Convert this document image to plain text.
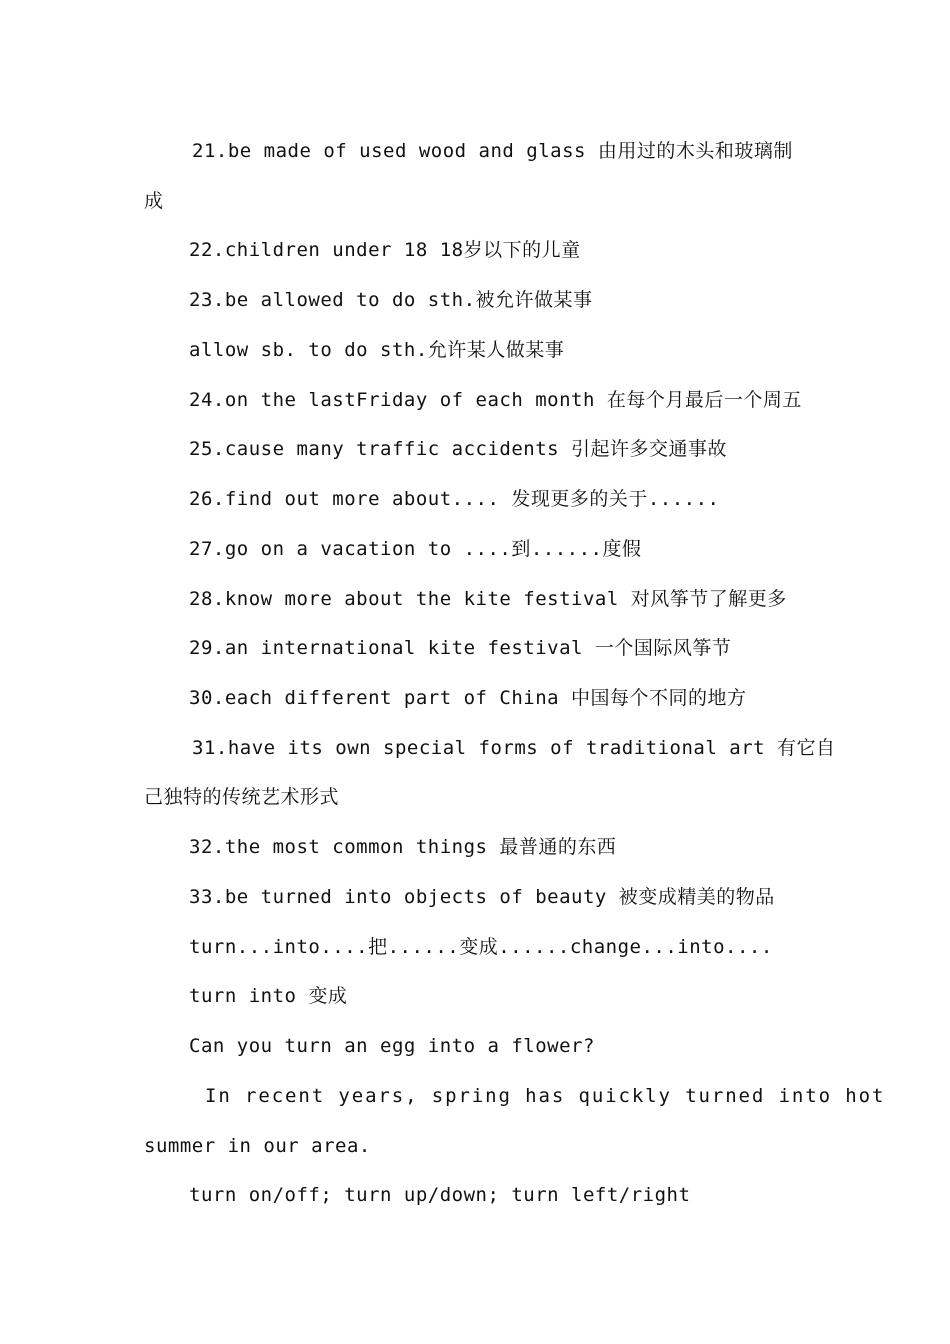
21.be made of used wood and glass 由用过的木头和玻璃制
成
22.children under 18 18岁以下的儿童
23.be allowed to do sth.被允许做某事
allow sb. to do sth.允许某人做某事
24.on the lastFriday of each month 在每个月最后一个周五
25.cause many traffic accidents 引起许多交通事故
26.find out more about.... 发现更多的关于......
27.go on a vacation to ....到......度假
28.know more about the kite festival 对风筝节了解更多
29.an international kite festival 一个国际风筝节
30.each different part of China 中国每个不同的地方
31.have its own special forms of traditional art 有它自
己独特的传统艺术形式
32.the most common things 最普通的东西
33.be turned into objects of beauty 被变成精美的物品
turn...into....把......变成......change...into....
turn into 变成
Can you turn an egg into a flower?
In recent years, spring has quickly turned into hot
summer in our area.
turn on/off; turn up/down; turn left/right
